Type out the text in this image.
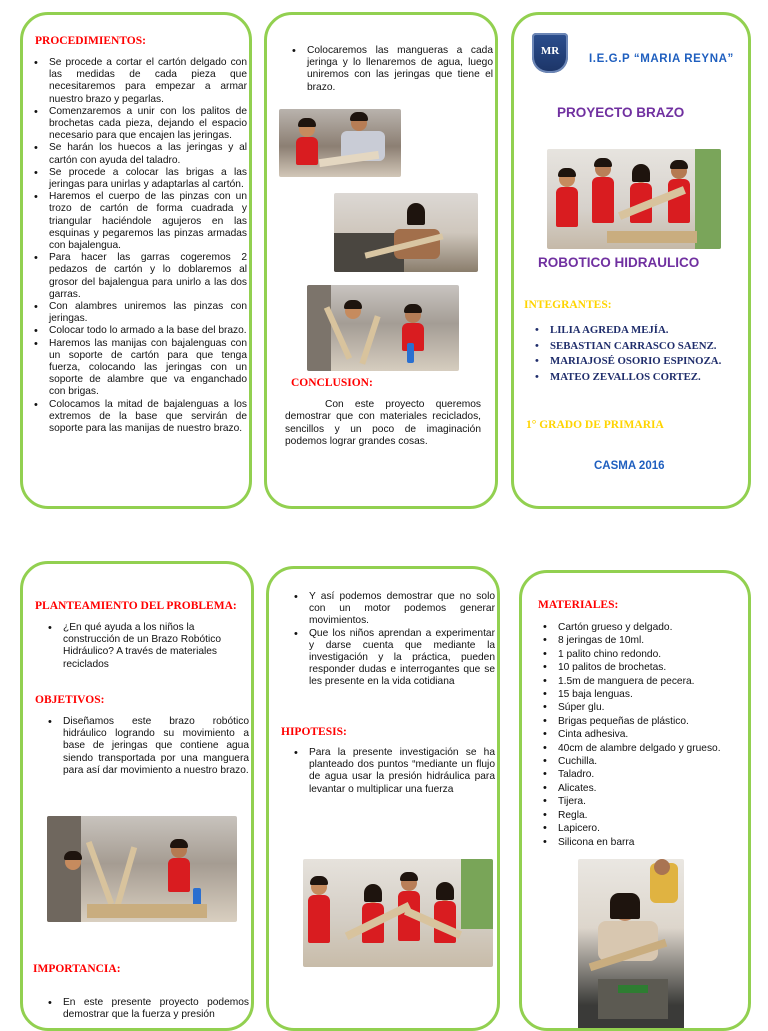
PROCEDIMIENTOS:
• Se procede a cortar el cartón delgado con las medidas de cada pieza que necesitaremos para empezar a armar nuestro brazo y pegarlas.
• Comenzaremos a unir con los palitos de brochetas cada pieza, dejando el espacio necesario para que encajen las jeringas.
• Se harán los huecos a las jeringas y al cartón con ayuda del taladro.
• Se procede a colocar las brigas a las jeringas para unirlas y adaptarlas al cartón.
• Haremos el cuerpo de las pinzas con un trozo de cartón de forma cuadrada y triangular haciéndole agujeros en las esquinas y pegaremos las pinzas armadas con bajalengua.
• Para hacer las garras cogeremos 2 pedazos de cartón y lo doblaremos al grosor del bajalengua para unirlo a las dos garras.
• Con alambres uniremos las pinzas con jeringas.
• Colocar todo lo armado a la base del brazo.
• Haremos las manijas con bajalenguas con un soporte de cartón para que tenga fuerza, colocando las jeringas con un soporte de alambre que va enganchado con brigas.
• Colocamos la mitad de bajalenguas a los extremos de la base que servirán de soporte para las manijas de nuestro brazo.
• Colocaremos las mangueras a cada jeringa y lo llenaremos de agua, luego uniremos con las jeringas que tiene el brazo.
CONCLUSION:
Con este proyecto queremos demostrar que con materiales reciclados, sencillos y un poco de imaginación podemos lograr grandes cosas.
MR
I.E.G.P “MARIA REYNA”
PROYECTO BRAZO
ROBOTICO HIDRAULICO
INTEGRANTES:
• LILIA AGREDA MEJÍA.
• SEBASTIAN CARRASCO SAENZ.
• MARIAJOSÉ OSORIO ESPINOZA.
• MATEO ZEVALLOS CORTEZ.
1° GRADO DE PRIMARIA
CASMA 2016
PLANTEAMIENTO DEL PROBLEMA:
• ¿En qué ayuda a los niños la construcción de un Brazo Robótico Hidráulico? A través de materiales reciclados
OBJETIVOS:
• Diseñamos este brazo robótico hidráulico logrando su movimiento a base de jeringas que contiene agua siendo transportada por una manguera para así dar movimiento a nuestro brazo.
IMPORTANCIA:
• En este presente proyecto podemos demostrar que la fuerza y presión
• Y así podemos demostrar que no solo con un motor podemos generar movimientos.
• Que los niños aprendan a experimentar y darse cuenta que mediante la investigación y la práctica, pueden responder dudas e interrogantes que se les presente en la vida cotidiana
HIPOTESIS:
• Para la presente investigación se ha planteado dos puntos “mediante un flujo de agua usar la presión hidráulica para levantar o multiplicar una fuerza
MATERIALES:
• Cartón grueso y delgado.
• 8 jeringas de 10ml.
• 1 palito chino redondo.
• 10 palitos de brochetas.
• 1.5m de manguera de pecera.
• 15 baja lenguas.
• Súper glu.
• Brigas pequeñas de plástico.
• Cinta adhesiva.
• 40cm de alambre delgado y grueso.
• Cuchilla.
• Taladro.
• Alicates.
• Tijera.
• Regla.
• Lapicero.
• Silicona en barra
